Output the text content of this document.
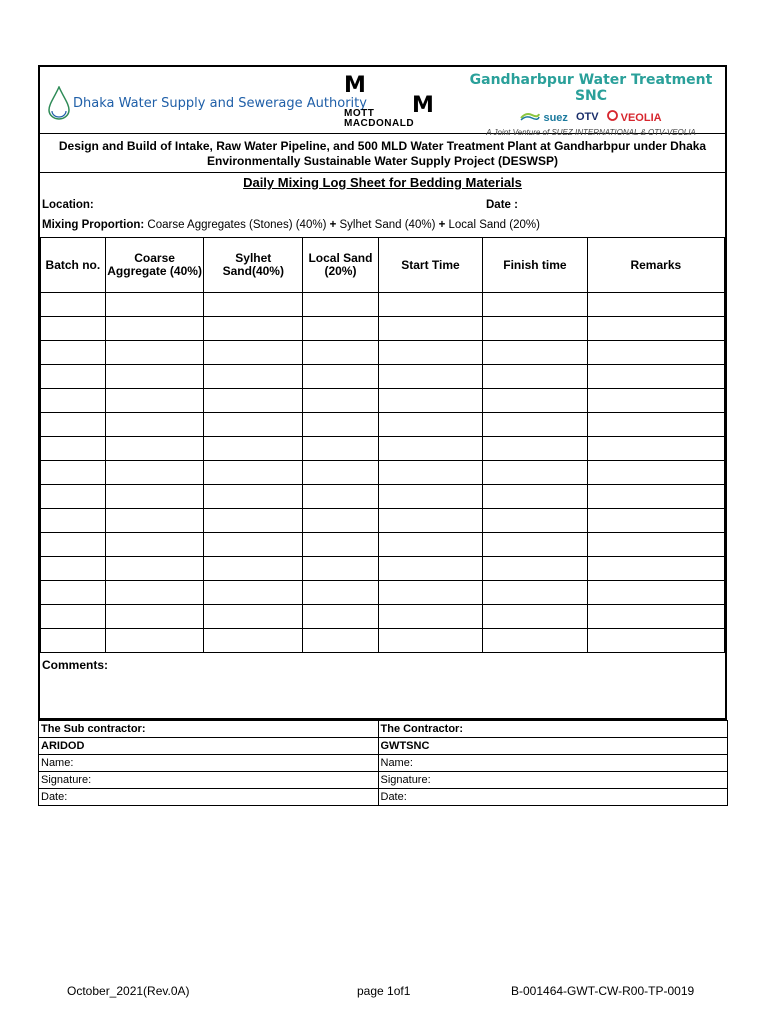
Dhaka Water Supply and Sewerage Authority
M
M
MOTT
MACDONALD
Gandharbpur Water Treatment SNC
suez OTV	VEOLIA
A Joint Venture of SUEZ INTERNATIONAL & OTV-VEOLIA
Design and Build of Intake, Raw Water Pipeline, and 500 MLD Water Treatment Plant at Gandharbpur under Dhaka
Environmentally Sustainable Water Supply Project (DESWSP)
Daily Mixing Log Sheet for Bedding Materials
Location:	Date :
Mixing Proportion: Coarse Aggregates (Stones) (40%) + Sylhet Sand (40%) + Local Sand (20%)
Batch no.	Coarse Aggregate (40%)	Sylhet Sand(40%)	Local Sand (20%)	Start Time	Finish time	Remarks

Comments:
The Sub contractor:	The Contractor:
ARIDOD	GWTSNC
Name:	Name:
Signature:	Signature:
Date:	Date:
October_2021(Rev.0A)	page 1of1	B-001464-GWT-CW-R00-TP-0019
